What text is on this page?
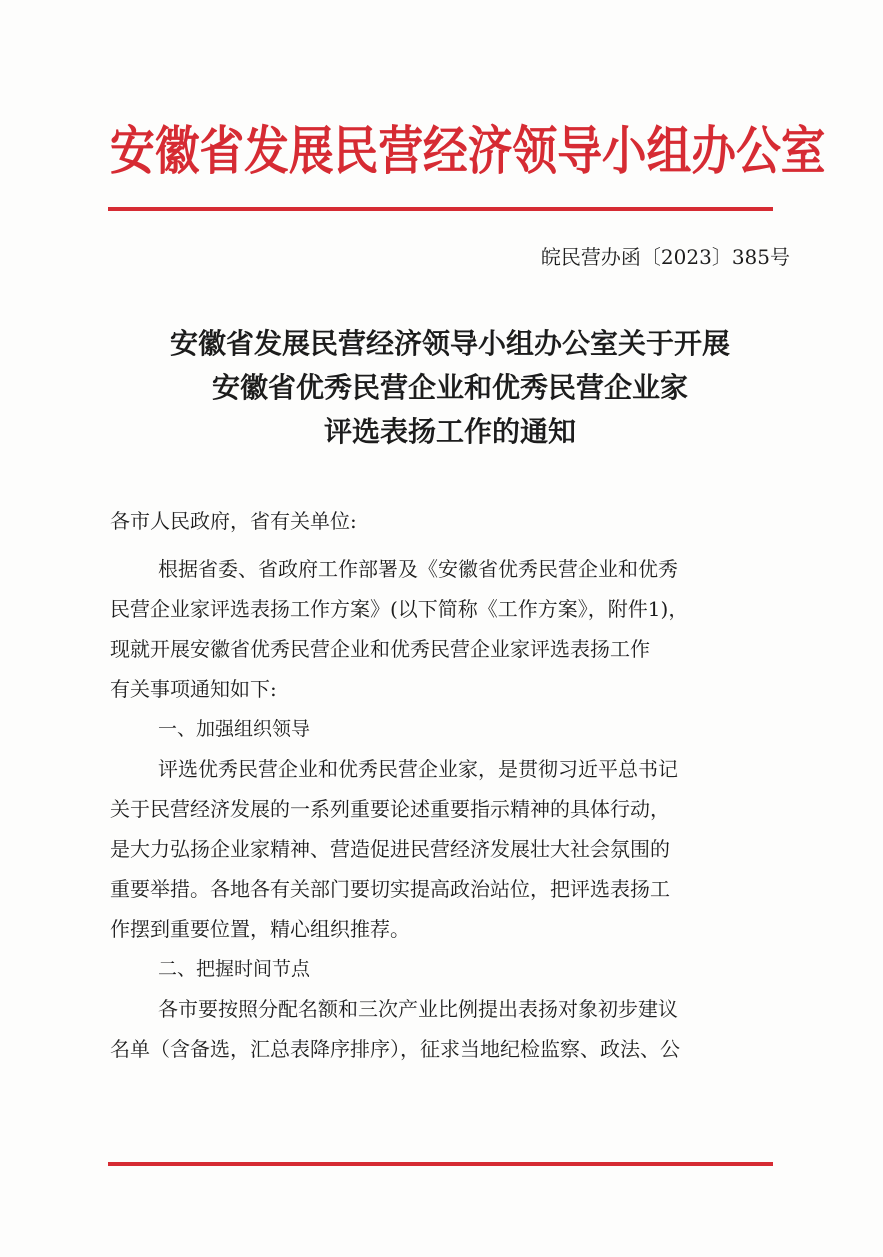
安徽省发展民营经济领导小组办公室
皖民营办函〔2023〕385号
安徽省发展民营经济领导小组办公室关于开展
安徽省优秀民营企业和优秀民营企业家
评选表扬工作的通知
各市人民政府，省有关单位:
根据省委、省政府工作部署及《安徽省优秀民营企业和优秀
民营企业家评选表扬工作方案》(以下简称《工作方案》，附件1)，
现就开展安徽省优秀民营企业和优秀民营企业家评选表扬工作
有关事项通知如下:
一、加强组织领导
评选优秀民营企业和优秀民营企业家，是贯彻习近平总书记
关于民营经济发展的一系列重要论述重要指示精神的具体行动，
是大力弘扬企业家精神、营造促进民营经济发展壮大社会氛围的
重要举措。各地各有关部门要切实提高政治站位，把评选表扬工
作摆到重要位置，精心组织推荐。
二、把握时间节点
各市要按照分配名额和三次产业比例提出表扬对象初步建议
名单（含备选，汇总表降序排序），征求当地纪检监察、政法、公
